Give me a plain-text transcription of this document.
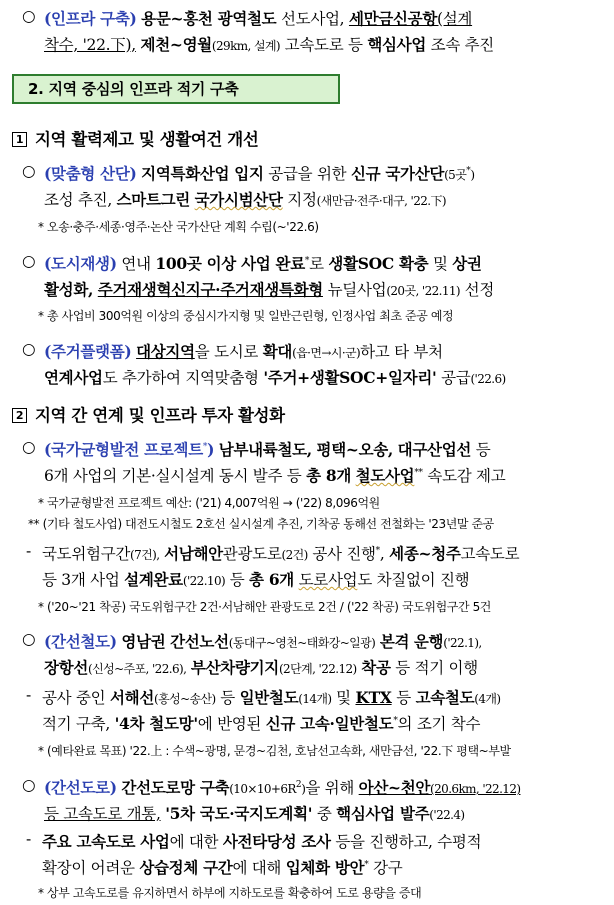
○ (인프라 구축) 용문~홍천 광역철도 선도사업, 세만금신공항(설계
착수, '22.下), 제천~영월(29km, 설계) 고속도로 등 핵심사업 조속 추진
2. 지역 중심의 인프라 적기 구축
1 지역 활력제고 및 생활여건 개선
○ (맞춤형 산단) 지역특화산업 입지 공급을 위한 신규 국가산단(5곳*)
조성 추진, 스마트그린 국가시범산단 지정(새만금·전주·대구, '22.下)
* 오송·충주·세종·영주·논산 국가산단 계획 수립(~'22.6)
○ (도시재생) 연내 100곳 이상 사업 완료*로 생활SOC 확충 및 상권
활성화, 주거재생혁신지구·주거재생특화형 뉴딜사업(20곳, '22.11) 선정
* 총 사업비 300억원 이상의 중심시가지형 및 일반근린형, 인정사업 최초 준공 예정
○ (주거플랫폼) 대상지역을 도시로 확대(읍·면→시·군)하고 타 부처
연계사업도 추가하여 지역맞춤형 '주거+생활SOC+일자리' 공급('22.6)
2 지역 간 연계 및 인프라 투자 활성화
○ (국가균형발전 프로젝트*) 남부내륙철도, 평택~오송, 대구산업선 등
6개 사업의 기본·실시설계 동시 발주 등 총 8개 철도사업** 속도감 제고
* 국가균형발전 프로젝트 예산: ('21) 4,007억원 → ('22) 8,096억원
** (기타 철도사업) 대전도시철도 2호선 실시설계 추진, 기착공 동해선 전철화는 '23년말 준공
- 국도위험구간(7건), 서남해안관광도로(2건) 공사 진행*, 세종~청주고속도로
등 3개 사업 설계완료('22.10) 등 총 6개 도로사업도 차질없이 진행
* ('20~'21 착공) 국도위험구간 2건·서남해안 관광도로 2건 / ('22 착공) 국도위험구간 5건
○ (간선철도) 영남권 간선노선(동대구~영천~태화강~일광) 본격 운행('22.1),
장항선(신성~주포, '22.6), 부산차량기지(2단계, '22.12) 착공 등 적기 이행
- 공사 중인 서해선(홍성~송산) 등 일반철도(14개) 및 KTX 등 고속철도(4개)
적기 구축, '4차 철도망'에 반영된 신규 고속·일반철도*의 조기 착수
* (예타완료 목표) '22.上 : 수색~광명, 문경~김천, 호남선고속화, 새만금선, '22.下 평택~부발
○ (간선도로) 간선도로망 구축$(10\times 10+6R^2)$을 위해 아산~천안(20.6km, '22.12)
등 고속도로 개통, '5차 국도·국지도계획' 중 핵심사업 발주('22.4)
- 주요 고속도로 사업에 대한 사전타당성 조사 등을 진행하고, 수평적
확장이 어려운 상습정체 구간에 대해 입체화 방안* 강구
* 상부 고속도로를 유지하면서 하부에 지하도로를 확충하여 도로 용량을 증대
